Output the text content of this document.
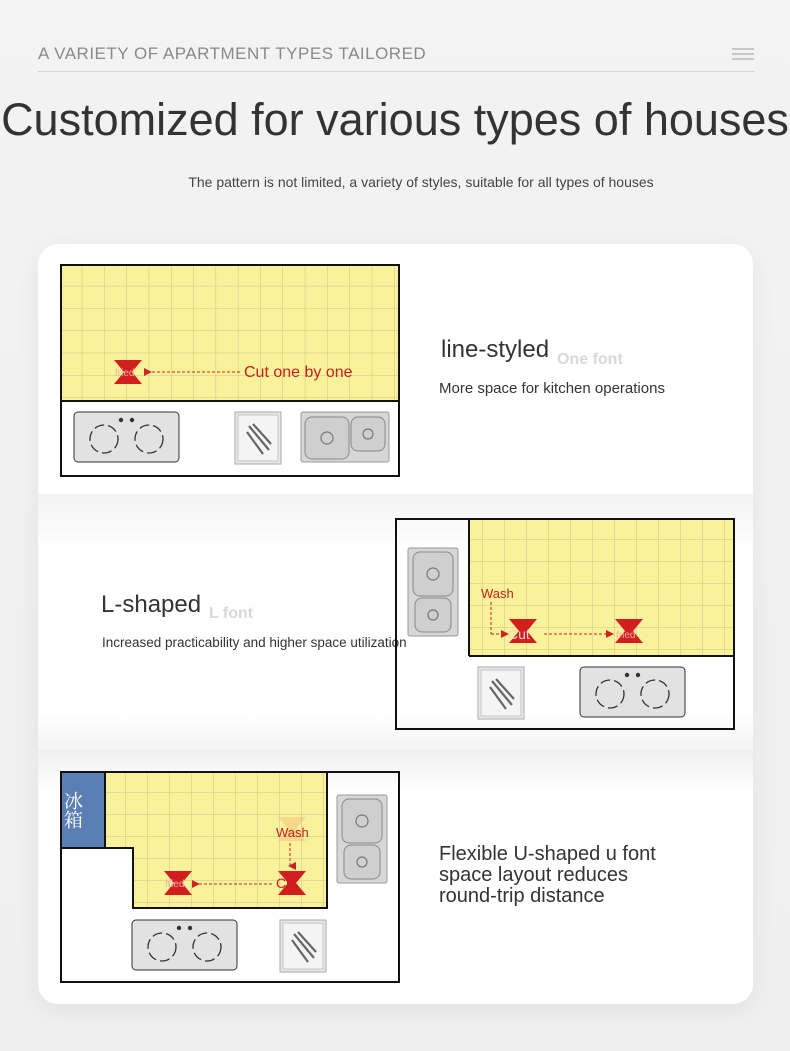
A VARIETY OF APARTMENT TYPES TAILORED
Customized for various types of houses
The pattern is not limited, a variety of styles, suitable for all types of houses
fried	Cut one by one
line-styled One font
More space for kitchen operations
L-shaped L font
Increased practicability and higher space utilization
Wash
Cut	fried
冰箱
Wash
Cut
fried
Flexible U-shaped u font
space layout reduces
round-trip distance
